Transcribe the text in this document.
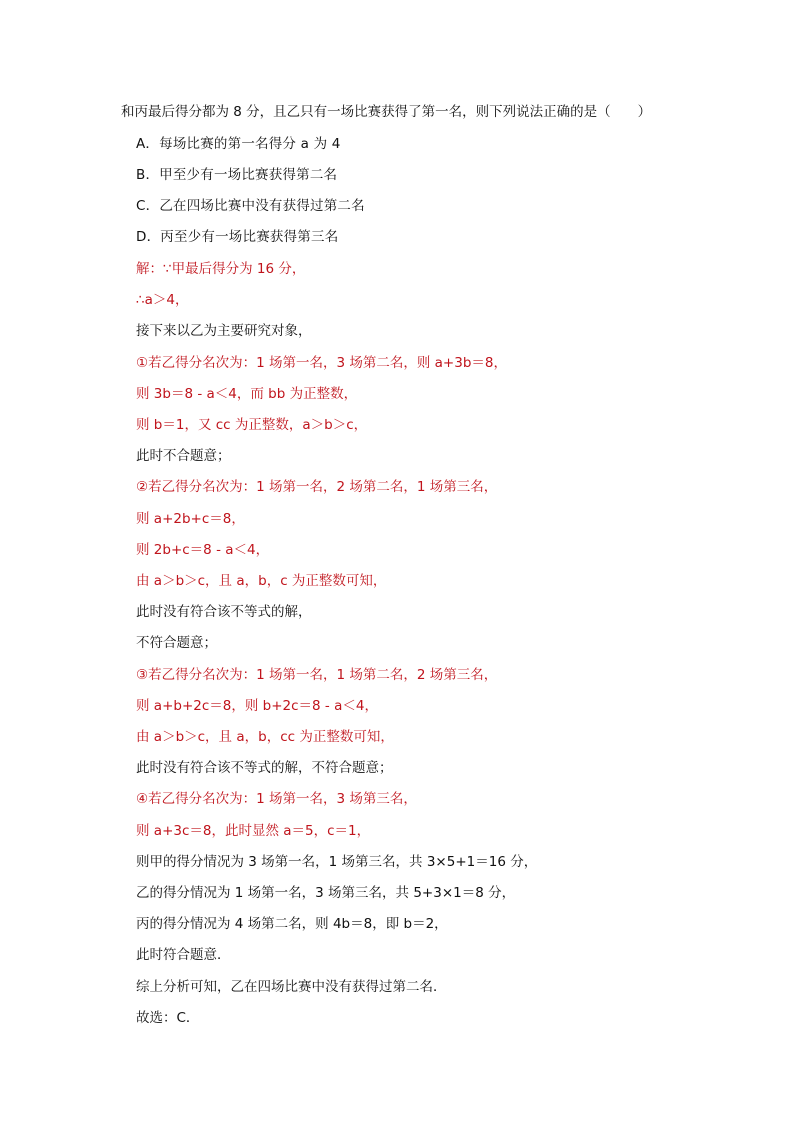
和丙最后得分都为 8 分，且乙只有一场比赛获得了第一名，则下列说法正确的是（　　）
A．每场比赛的第一名得分 a 为 4
B．甲至少有一场比赛获得第二名
C．乙在四场比赛中没有获得过第二名
D．丙至少有一场比赛获得第三名
解：∵甲最后得分为 16 分，
∴a＞4，
接下来以乙为主要研究对象，
①若乙得分名次为：1 场第一名，3 场第二名，则 a+3b＝8，
则 3b＝8 - a＜4，而 bb 为正整数，
则 b＝1，又 cc 为正整数，a＞b＞c，
此时不合题意；
②若乙得分名次为：1 场第一名，2 场第二名，1 场第三名，
则 a+2b+c＝8，
则 2b+c＝8 - a＜4，
由 a＞b＞c，且 a，b，c 为正整数可知，
此时没有符合该不等式的解，
不符合题意；
③若乙得分名次为：1 场第一名，1 场第二名，2 场第三名，
则 a+b+2c＝8，则 b+2c＝8 - a＜4，
由 a＞b＞c，且 a，b，cc 为正整数可知，
此时没有符合该不等式的解，不符合题意；
④若乙得分名次为：1 场第一名，3 场第三名，
则 a+3c＝8，此时显然 a＝5，c＝1，
则甲的得分情况为 3 场第一名，1 场第三名，共 3×5+1＝16 分，
乙的得分情况为 1 场第一名，3 场第三名，共 5+3×1＝8 分，
丙的得分情况为 4 场第二名，则 4b＝8，即 b＝2，
此时符合题意．
综上分析可知，乙在四场比赛中没有获得过第二名．
故选：C．
